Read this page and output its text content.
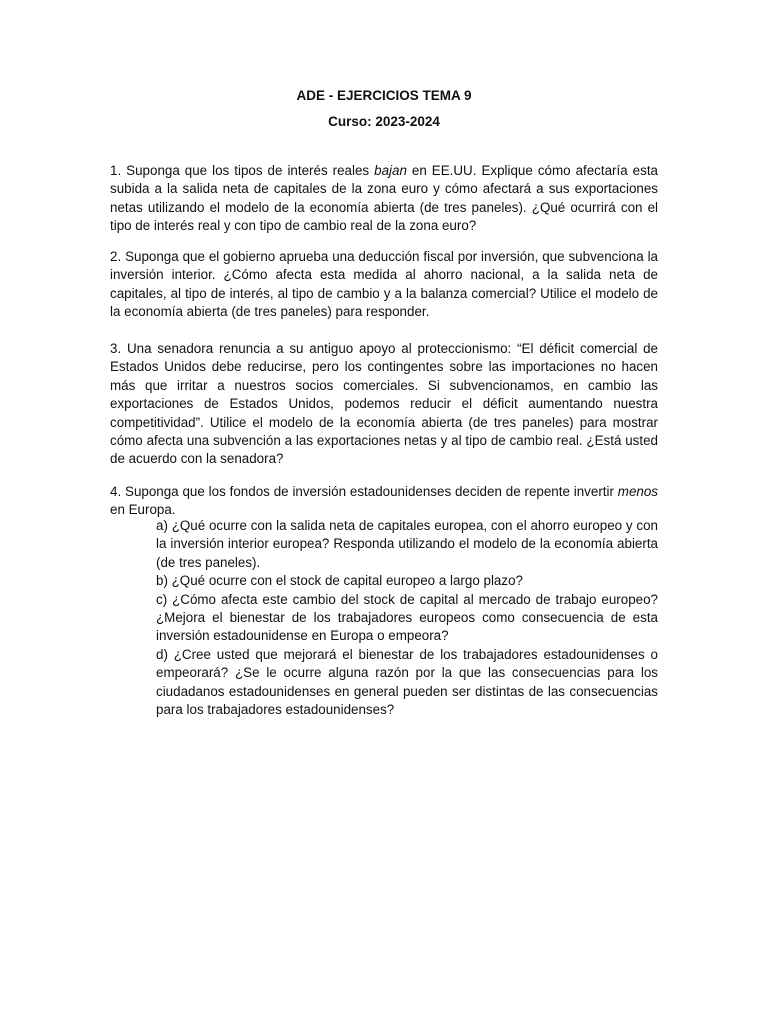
ADE - EJERCICIOS TEMA 9

Curso: 2023-2024

1. Suponga que los tipos de interés reales bajan en EE.UU. Explique cómo afectaría esta subida a la salida neta de capitales de la zona euro y cómo afectará a sus exportaciones netas utilizando el modelo de la economía abierta (de tres paneles). ¿Qué ocurrirá con el tipo de interés real y con tipo de cambio real de la zona euro?

2. Suponga que el gobierno aprueba una deducción fiscal por inversión, que subvenciona la inversión interior. ¿Cómo afecta esta medida al ahorro nacional, a la salida neta de capitales, al tipo de interés, al tipo de cambio y a la balanza comercial? Utilice el modelo de la economía abierta (de tres paneles) para responder.

3. Una senadora renuncia a su antiguo apoyo al proteccionismo: “El déficit comercial de Estados Unidos debe reducirse, pero los contingentes sobre las importaciones no hacen más que irritar a nuestros socios comerciales. Si subvencionamos, en cambio las exportaciones de Estados Unidos, podemos reducir el déficit aumentando nuestra competitividad”. Utilice el modelo de la economía abierta (de tres paneles) para mostrar cómo afecta una subvención a las exportaciones netas y al tipo de cambio real. ¿Está usted de acuerdo con la senadora?

4. Suponga que los fondos de inversión estadounidenses deciden de repente invertir menos en Europa.

a) ¿Qué ocurre con la salida neta de capitales europea, con el ahorro europeo y con la inversión interior europea? Responda utilizando el modelo de la economía abierta (de tres paneles).

b) ¿Qué ocurre con el stock de capital europeo a largo plazo?

c) ¿Cómo afecta este cambio del stock de capital al mercado de trabajo europeo? ¿Mejora el bienestar de los trabajadores europeos como consecuencia de esta inversión estadounidense en Europa o empeora?

d) ¿Cree usted que mejorará el bienestar de los trabajadores estadounidenses o empeorará? ¿Se le ocurre alguna razón por la que las consecuencias para los ciudadanos estadounidenses en general pueden ser distintas de las consecuencias para los trabajadores estadounidenses?
